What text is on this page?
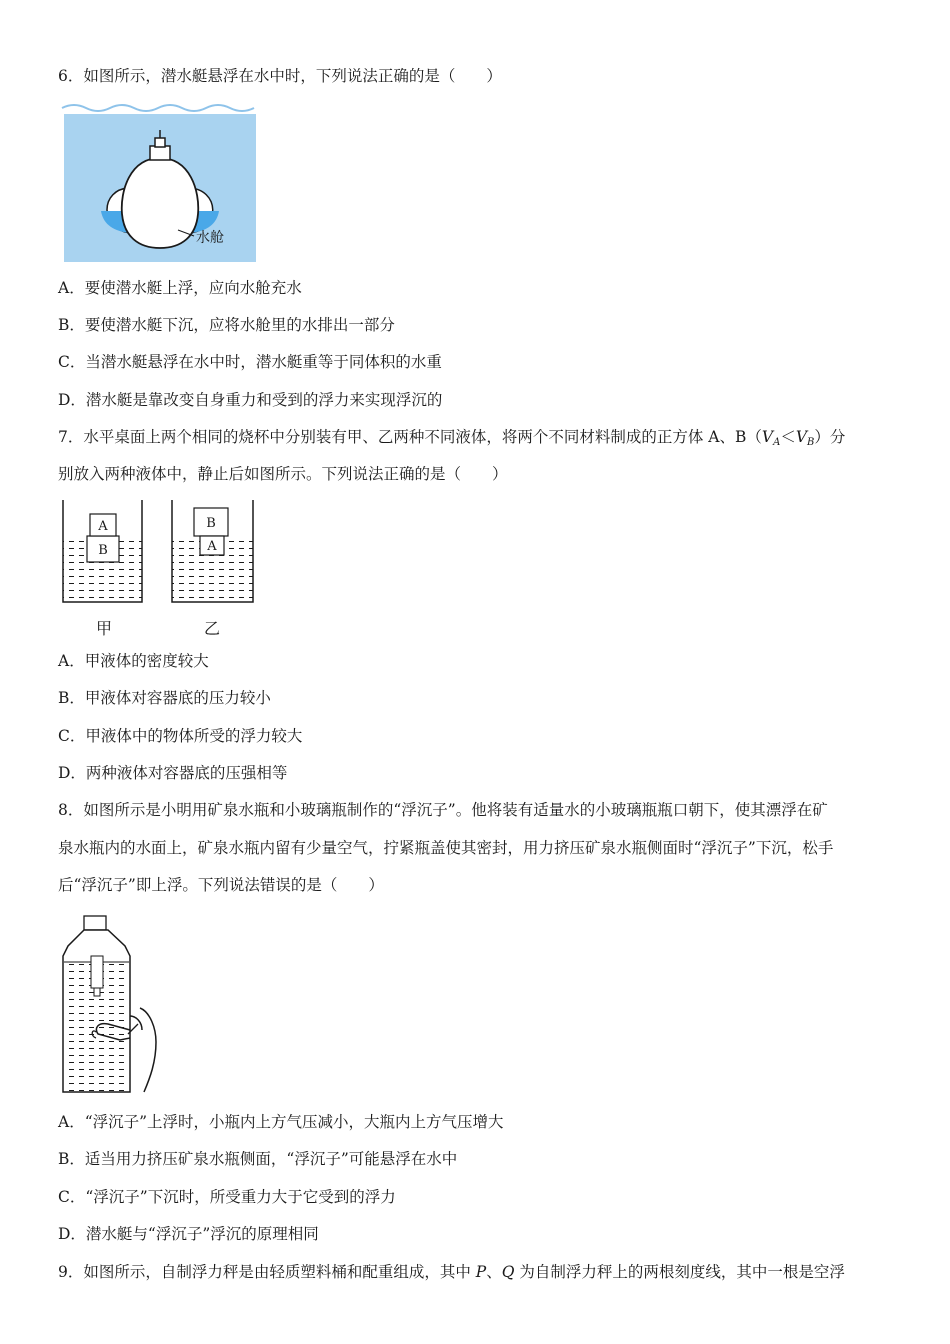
6．如图所示，潜水艇悬浮在水中时，下列说法正确的是（　　）
水舱
A．要使潜水艇上浮，应向水舱充水
B．要使潜水艇下沉，应将水舱里的水排出一部分
C．当潜水艇悬浮在水中时，潜水艇重等于同体积的水重
D．潜水艇是靠改变自身重力和受到的浮力来实现浮沉的
7．水平桌面上两个相同的烧杯中分别装有甲、乙两种不同液体，将两个不同材料制成的正方体 A、$B(V_A<V_B)$分
别放入两种液体中，静止后如图所示。下列说法正确的是（　　）
B
A
甲
B
A
乙
A．甲液体的密度较大
B．甲液体对容器底的压力较小
C．甲液体中的物体所受的浮力较大
D．两种液体对容器底的压强相等
8．如图所示是小明用矿泉水瓶和小玻璃瓶制作的“浮沉子”。他将装有适量水的小玻璃瓶瓶口朝下，使其漂浮在矿
泉水瓶内的水面上，矿泉水瓶内留有少量空气，拧紧瓶盖使其密封，用力挤压矿泉水瓶侧面时“浮沉子”下沉，松手
后“浮沉子”即上浮。下列说法错误的是（　　）
A．“浮沉子”上浮时，小瓶内上方气压减小，大瓶内上方气压增大
B．适当用力挤压矿泉水瓶侧面，“浮沉子”可能悬浮在水中
C．“浮沉子”下沉时，所受重力大于它受到的浮力
D．潜水艇与“浮沉子”浮沉的原理相同
9．如图所示，自制浮力秤是由轻质塑料桶和配重组成，其中 P、Q 为自制浮力秤上的两根刻度线，其中一根是空浮
